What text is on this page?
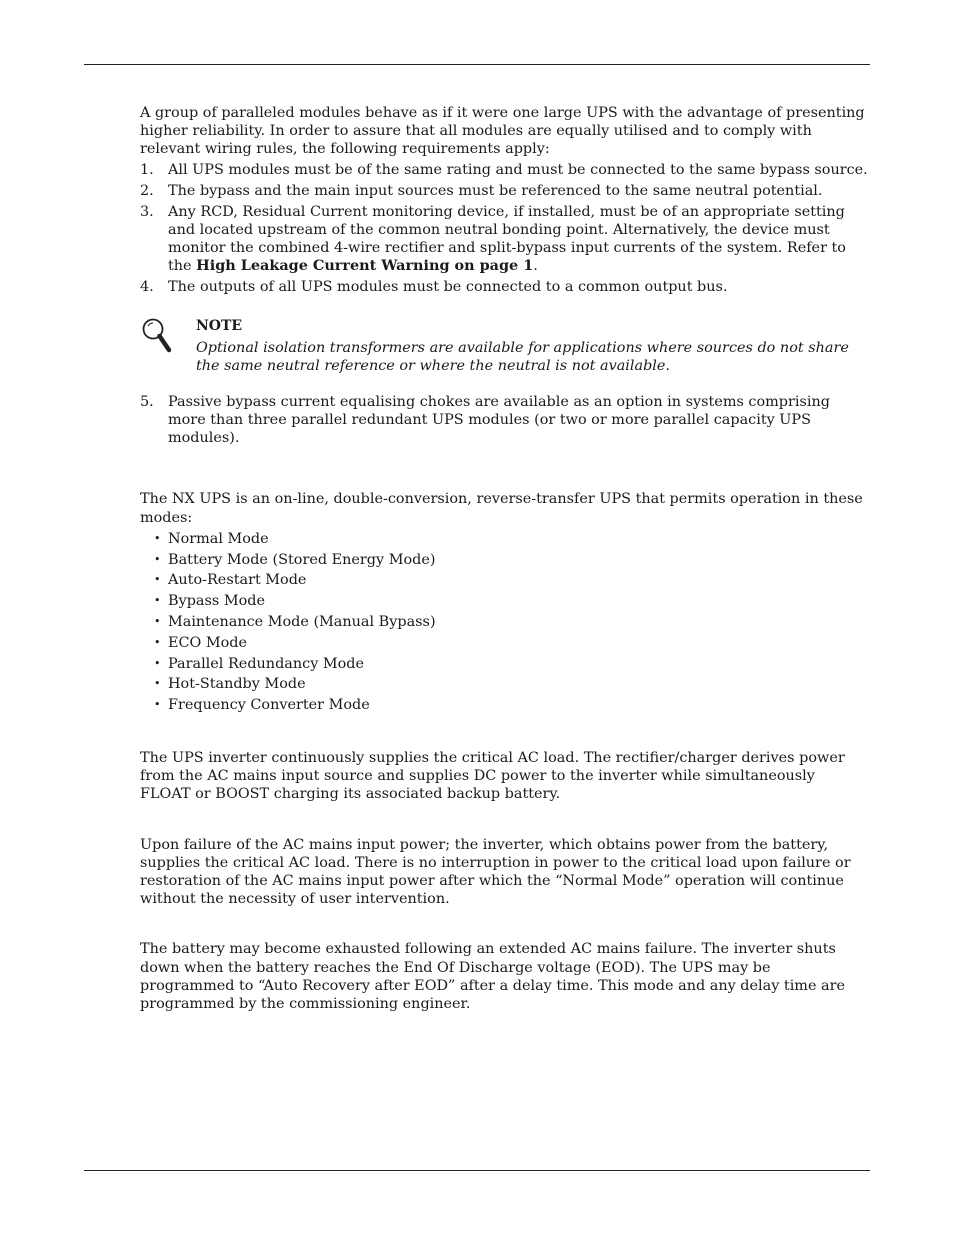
A group of paralleled modules behave as if it were one large UPS with the advantage of presenting higher reliability. In order to assure that all modules are equally utilised and to comply with relevant wiring rules, the following requirements apply:

1. All UPS modules must be of the same rating and must be connected to the same bypass source.
2. The bypass and the main input sources must be referenced to the same neutral potential.
3. Any RCD, Residual Current monitoring device, if installed, must be of an appropriate setting and located upstream of the common neutral bonding point. Alternatively, the device must monitor the combined 4-wire rectifier and split-bypass input currents of the system. Refer to the High Leakage Current Warning on page 1.
4. The outputs of all UPS modules must be connected to a common output bus.
NOTE
Optional isolation transformers are available for applications where sources do not share the same neutral reference or where the neutral is not available.
5. Passive bypass current equalising chokes are available as an option in systems comprising more than three parallel redundant UPS modules (or two or more parallel capacity UPS modules).

The NX UPS is an on-line, double-conversion, reverse-transfer UPS that permits operation in these modes:

• Normal Mode
• Battery Mode (Stored Energy Mode)
• Auto-Restart Mode
• Bypass Mode
• Maintenance Mode (Manual Bypass)
• ECO Mode
• Parallel Redundancy Mode
• Hot-Standby Mode
• Frequency Converter Mode

The UPS inverter continuously supplies the critical AC load. The rectifier/charger derives power from the AC mains input source and supplies DC power to the inverter while simultaneously FLOAT or BOOST charging its associated backup battery.

Upon failure of the AC mains input power; the inverter, which obtains power from the battery, supplies the critical AC load. There is no interruption in power to the critical load upon failure or restoration of the AC mains input power after which the “Normal Mode” operation will continue without the necessity of user intervention.

The battery may become exhausted following an extended AC mains failure. The inverter shuts down when the battery reaches the End Of Discharge voltage (EOD). The UPS may be programmed to “Auto Recovery after EOD” after a delay time. This mode and any delay time are programmed by the commissioning engineer.
